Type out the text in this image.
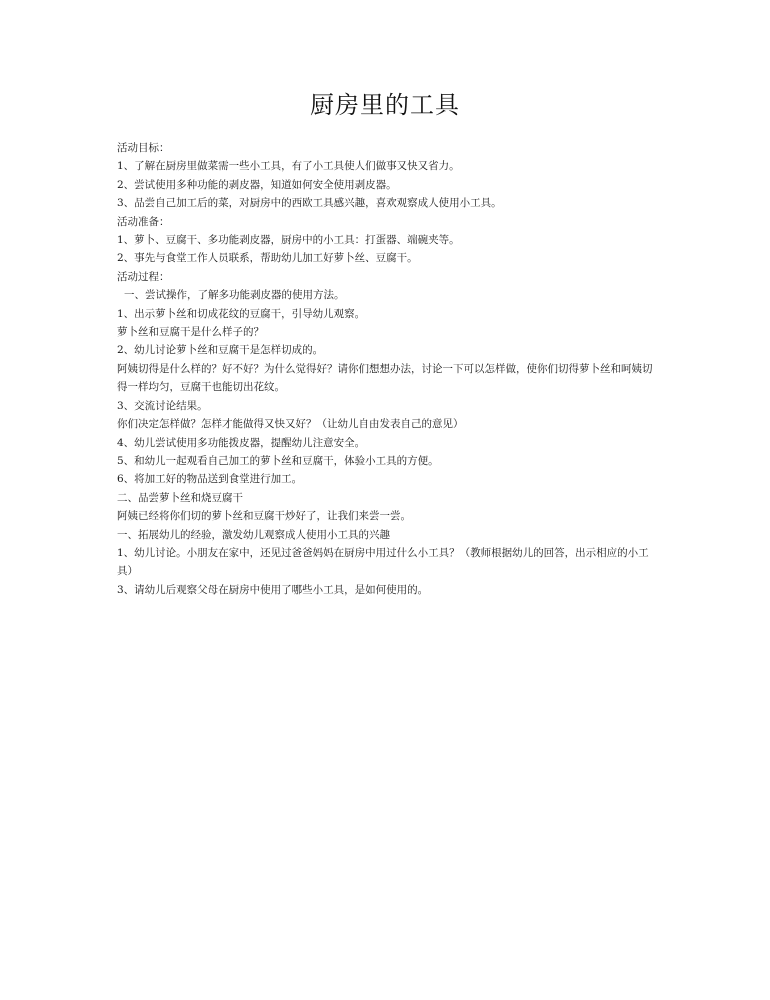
厨房里的工具
活动目标：
1、了解在厨房里做菜需一些小工具，有了小工具使人们做事又快又省力。
2、尝试使用多种功能的剥皮器，知道如何安全使用剥皮器。
3、品尝自己加工后的菜，对厨房中的西欧工具感兴趣，喜欢观察成人使用小工具。
活动准备：
1、萝卜、豆腐干、多功能剥皮器，厨房中的小工具：打蛋器、端碗夹等。
2、事先与食堂工作人员联系，帮助幼儿加工好萝卜丝、豆腐干。
活动过程：
一、尝试操作，了解多功能剥皮器的使用方法。
1、出示萝卜丝和切成花纹的豆腐干，引导幼儿观察。
萝卜丝和豆腐干是什么样子的？
2、幼儿讨论萝卜丝和豆腐干是怎样切成的。
阿姨切得是什么样的？好不好？为什么觉得好？请你们想想办法，讨论一下可以怎样做，使你们切得萝卜丝和呵姨切得一样均匀，豆腐干也能切出花纹。
3、交流讨论结果。
你们决定怎样做？怎样才能做得又快又好？（让幼儿自由发表自己的意见）
4、幼儿尝试使用多功能拨皮器，提醒幼儿注意安全。
5、和幼儿一起观看自己加工的萝卜丝和豆腐干，体验小工具的方便。
6、将加工好的物品送到食堂进行加工。
二、品尝萝卜丝和烧豆腐干
阿姨已经将你们切的萝卜丝和豆腐干炒好了，让我们来尝一尝。
一、拓展幼儿的经验，激发幼儿观察成人使用小工具的兴趣
1、幼儿讨论。小朋友在家中，还见过爸爸妈妈在厨房中用过什么小工具？（教师根据幼儿的回答，出示相应的小工具）
3、请幼儿后观察父母在厨房中使用了哪些小工具，是如何使用的。
